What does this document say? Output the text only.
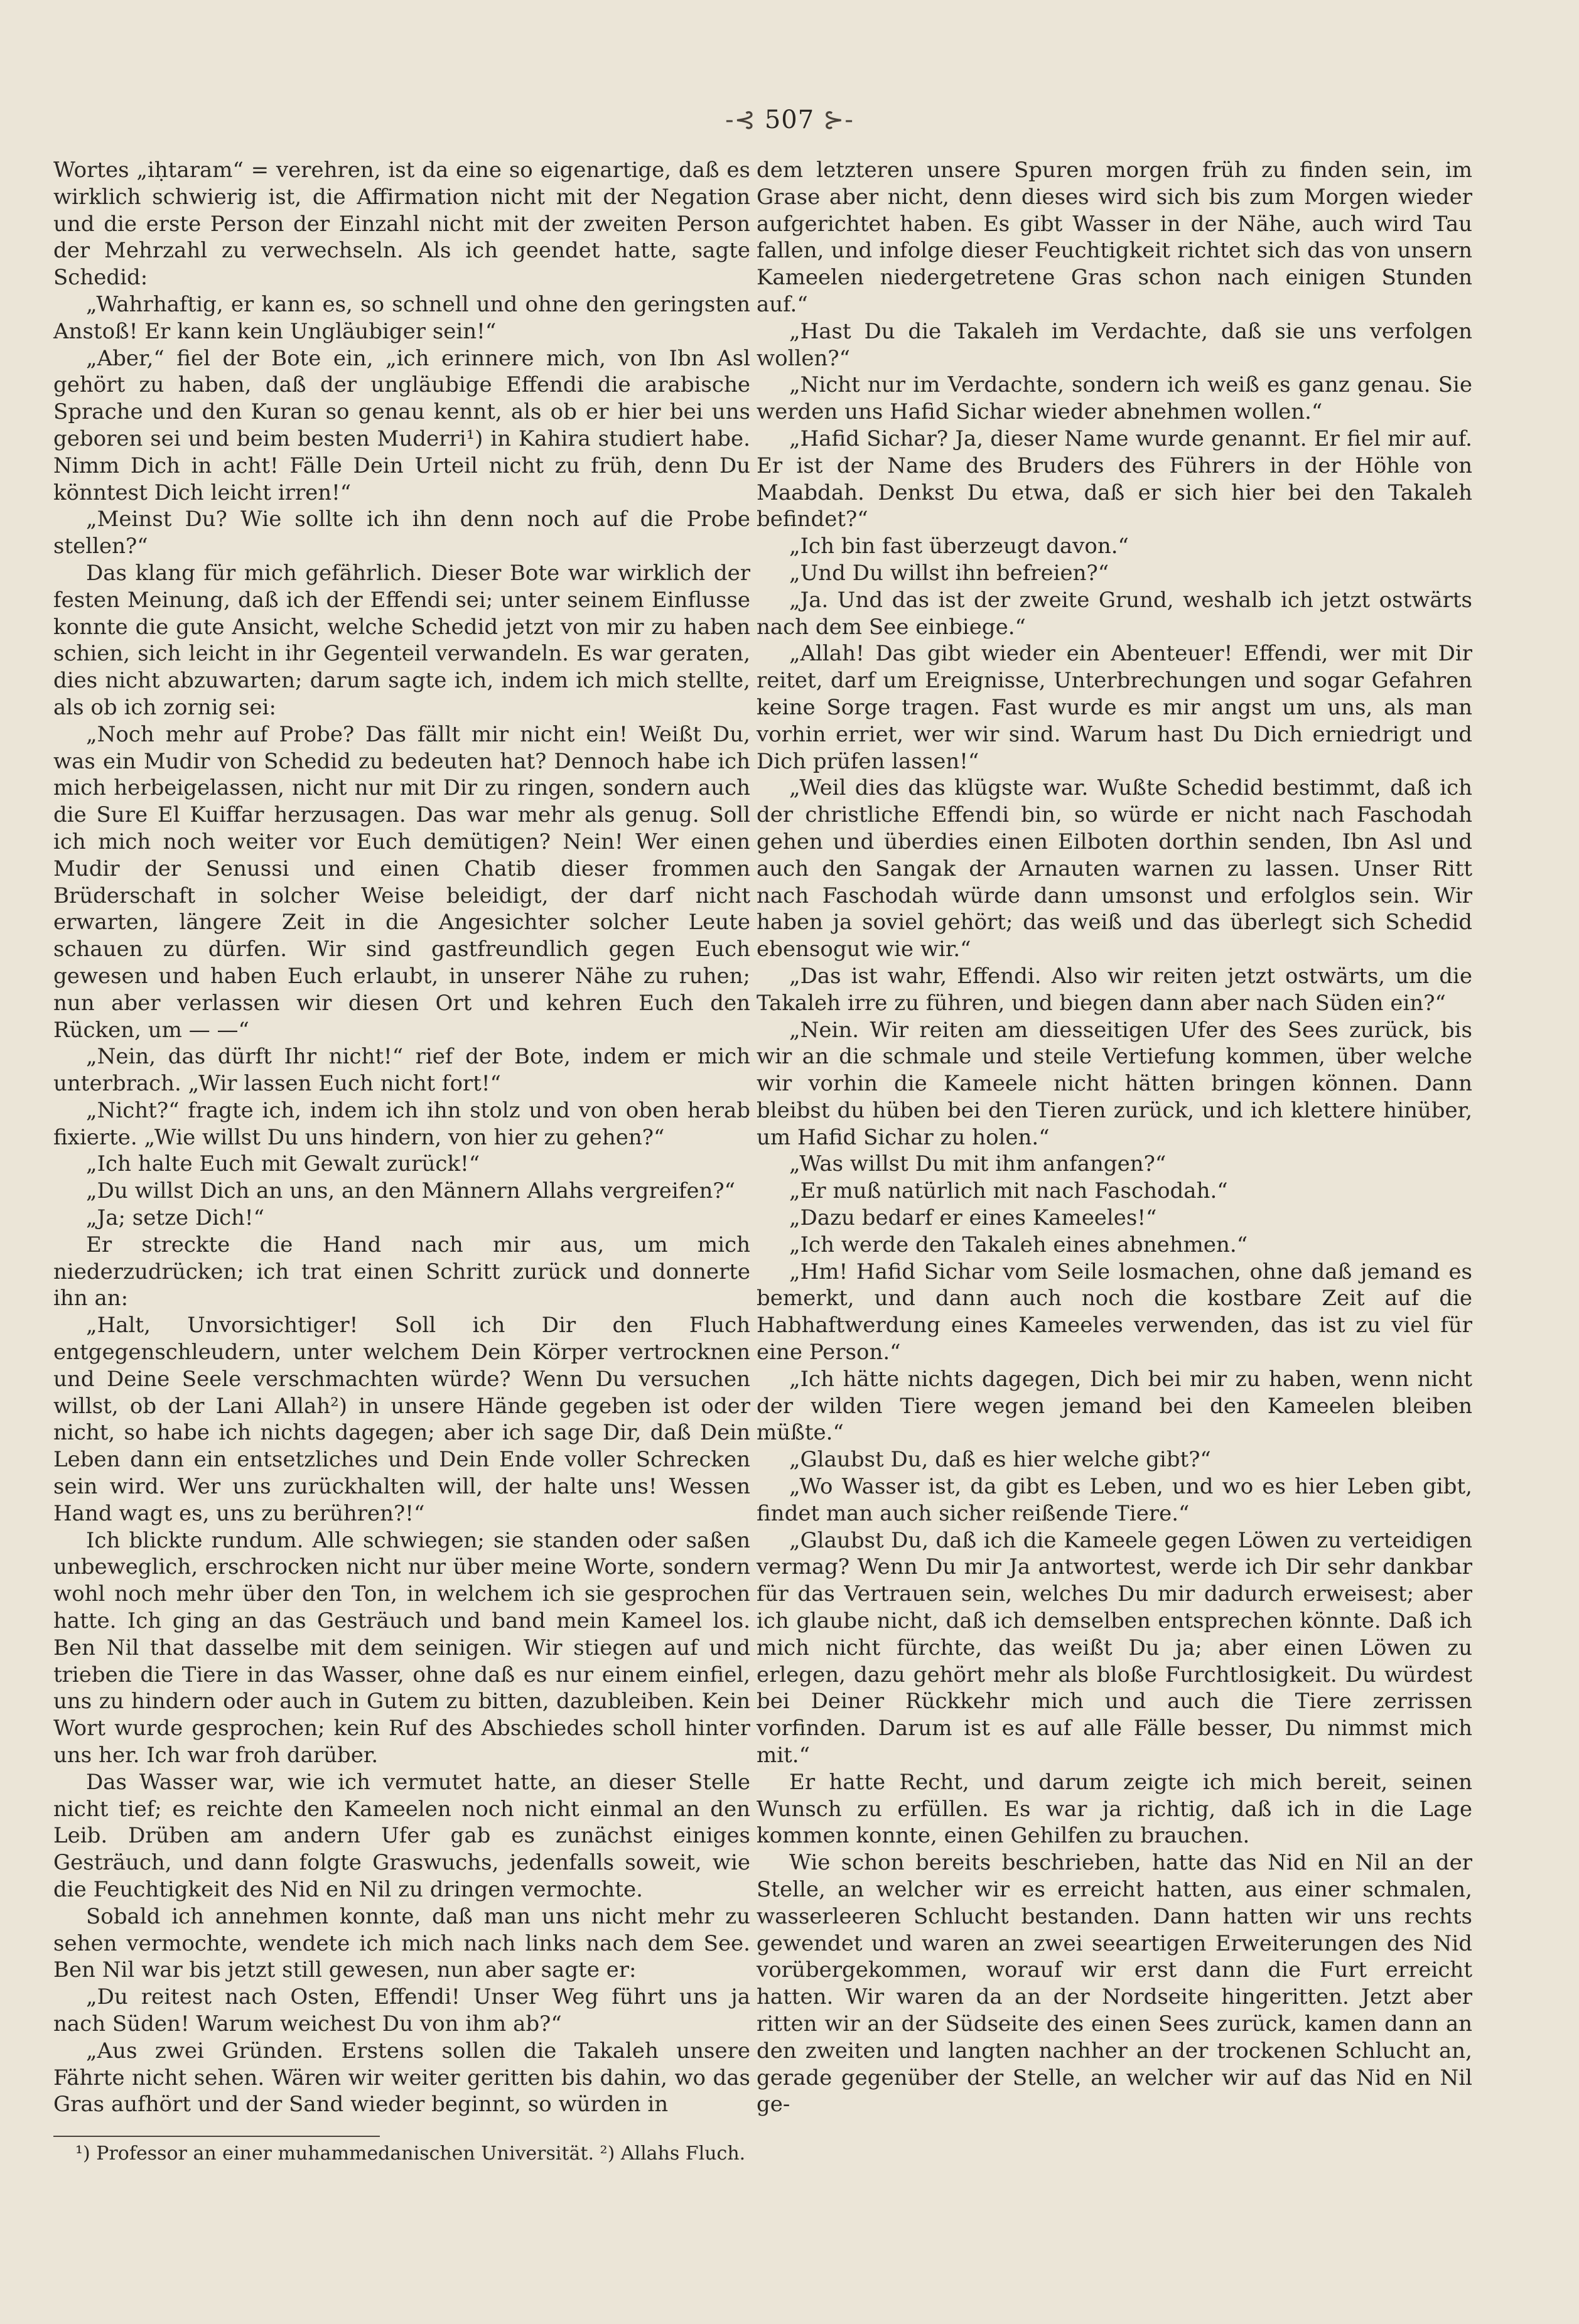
-⊰ 507 ⊱-

Wortes „iḥtaram“ = verehren, ist da eine so eigenartige, daß es wirklich schwierig ist, die Affirmation nicht mit der Negation und die erste Person der Einzahl nicht mit der zweiten Person der Mehrzahl zu verwechseln. Als ich geendet hatte, sagte Schedid:

„Wahrhaftig, er kann es, so schnell und ohne den geringsten Anstoß! Er kann kein Ungläubiger sein!“

„Aber,“ fiel der Bote ein, „ich erinnere mich, von Ibn Asl gehört zu haben, daß der ungläubige Effendi die arabische Sprache und den Kuran so genau kennt, als ob er hier bei uns geboren sei und beim besten Muderri¹) in Kahira studiert habe. Nimm Dich in acht! Fälle Dein Urteil nicht zu früh, denn Du könntest Dich leicht irren!“

„Meinst Du? Wie sollte ich ihn denn noch auf die Probe stellen?“

Das klang für mich gefährlich. Dieser Bote war wirklich der festen Meinung, daß ich der Effendi sei; unter seinem Einflusse konnte die gute Ansicht, welche Schedid jetzt von mir zu haben schien, sich leicht in ihr Gegenteil verwandeln. Es war geraten, dies nicht abzuwarten; darum sagte ich, indem ich mich stellte, als ob ich zornig sei:

„Noch mehr auf Probe? Das fällt mir nicht ein! Weißt Du, was ein Mudir von Schedid zu bedeuten hat? Dennoch habe ich mich herbeigelassen, nicht nur mit Dir zu ringen, sondern auch die Sure El Kuiffar herzusagen. Das war mehr als genug. Soll ich mich noch weiter vor Euch demütigen? Nein! Wer einen Mudir der Senussi und einen Chatib dieser frommen Brüderschaft in solcher Weise beleidigt, der darf nicht erwarten, längere Zeit in die Angesichter solcher Leute schauen zu dürfen. Wir sind gastfreundlich gegen Euch gewesen und haben Euch erlaubt, in unserer Nähe zu ruhen; nun aber verlassen wir diesen Ort und kehren Euch den Rücken, um — —“

„Nein, das dürft Ihr nicht!“ rief der Bote, indem er mich unterbrach. „Wir lassen Euch nicht fort!“

„Nicht?“ fragte ich, indem ich ihn stolz und von oben herab fixierte. „Wie willst Du uns hindern, von hier zu gehen?“

„Ich halte Euch mit Gewalt zurück!“

„Du willst Dich an uns, an den Männern Allahs vergreifen?“

„Ja; setze Dich!“

Er streckte die Hand nach mir aus, um mich niederzudrücken; ich trat einen Schritt zurück und donnerte ihn an:

„Halt, Unvorsichtiger! Soll ich Dir den Fluch entgegenschleudern, unter welchem Dein Körper vertrocknen und Deine Seele verschmachten würde? Wenn Du versuchen willst, ob der Lani Allah²) in unsere Hände gegeben ist oder nicht, so habe ich nichts dagegen; aber ich sage Dir, daß Dein Leben dann ein entsetzliches und Dein Ende voller Schrecken sein wird. Wer uns zurückhalten will, der halte uns! Wessen Hand wagt es, uns zu berühren?!“

Ich blickte rundum. Alle schwiegen; sie standen oder saßen unbeweglich, erschrocken nicht nur über meine Worte, sondern wohl noch mehr über den Ton, in welchem ich sie gesprochen hatte. Ich ging an das Gesträuch und band mein Kameel los. Ben Nil that dasselbe mit dem seinigen. Wir stiegen auf und trieben die Tiere in das Wasser, ohne daß es nur einem einfiel, uns zu hindern oder auch in Gutem zu bitten, dazubleiben. Kein Wort wurde gesprochen; kein Ruf des Abschiedes scholl hinter uns her. Ich war froh darüber.

Das Wasser war, wie ich vermutet hatte, an dieser Stelle nicht tief; es reichte den Kameelen noch nicht einmal an den Leib. Drüben am andern Ufer gab es zunächst einiges Gesträuch, und dann folgte Graswuchs, jedenfalls soweit, wie die Feuchtigkeit des Nid en Nil zu dringen vermochte.

Sobald ich annehmen konnte, daß man uns nicht mehr zu sehen vermochte, wendete ich mich nach links nach dem See. Ben Nil war bis jetzt still gewesen, nun aber sagte er:

„Du reitest nach Osten, Effendi! Unser Weg führt uns ja nach Süden! Warum weichest Du von ihm ab?“

„Aus zwei Gründen. Erstens sollen die Takaleh unsere Fährte nicht sehen. Wären wir weiter geritten bis dahin, wo das Gras aufhört und der Sand wieder beginnt, so würden in

dem letzteren unsere Spuren morgen früh zu finden sein, im Grase aber nicht, denn dieses wird sich bis zum Morgen wieder aufgerichtet haben. Es gibt Wasser in der Nähe, auch wird Tau fallen, und infolge dieser Feuchtigkeit richtet sich das von unsern Kameelen niedergetretene Gras schon nach einigen Stunden auf.“

„Hast Du die Takaleh im Verdachte, daß sie uns verfolgen wollen?“

„Nicht nur im Verdachte, sondern ich weiß es ganz genau. Sie werden uns Hafid Sichar wieder abnehmen wollen.“

„Hafid Sichar? Ja, dieser Name wurde genannt. Er fiel mir auf. Er ist der Name des Bruders des Führers in der Höhle von Maabdah. Denkst Du etwa, daß er sich hier bei den Takaleh befindet?“

„Ich bin fast überzeugt davon.“

„Und Du willst ihn befreien?“

„Ja. Und das ist der zweite Grund, weshalb ich jetzt ostwärts nach dem See einbiege.“

„Allah! Das gibt wieder ein Abenteuer! Effendi, wer mit Dir reitet, darf um Ereignisse, Unterbrechungen und sogar Gefahren keine Sorge tragen. Fast wurde es mir angst um uns, als man vorhin erriet, wer wir sind. Warum hast Du Dich erniedrigt und Dich prüfen lassen!“

„Weil dies das klügste war. Wußte Schedid bestimmt, daß ich der christliche Effendi bin, so würde er nicht nach Faschodah gehen und überdies einen Eilboten dorthin senden, Ibn Asl und auch den Sangak der Arnauten warnen zu lassen. Unser Ritt nach Faschodah würde dann umsonst und erfolglos sein. Wir haben ja soviel gehört; das weiß und das überlegt sich Schedid ebensogut wie wir.“

„Das ist wahr, Effendi. Also wir reiten jetzt ostwärts, um die Takaleh irre zu führen, und biegen dann aber nach Süden ein?“

„Nein. Wir reiten am diesseitigen Ufer des Sees zurück, bis wir an die schmale und steile Vertiefung kommen, über welche wir vorhin die Kameele nicht hätten bringen können. Dann bleibst du hüben bei den Tieren zurück, und ich klettere hinüber, um Hafid Sichar zu holen.“

„Was willst Du mit ihm anfangen?“

„Er muß natürlich mit nach Faschodah.“

„Dazu bedarf er eines Kameeles!“

„Ich werde den Takaleh eines abnehmen.“

„Hm! Hafid Sichar vom Seile losmachen, ohne daß jemand es bemerkt, und dann auch noch die kostbare Zeit auf die Habhaftwerdung eines Kameeles verwenden, das ist zu viel für eine Person.“

„Ich hätte nichts dagegen, Dich bei mir zu haben, wenn nicht der wilden Tiere wegen jemand bei den Kameelen bleiben müßte.“

„Glaubst Du, daß es hier welche gibt?“

„Wo Wasser ist, da gibt es Leben, und wo es hier Leben gibt, findet man auch sicher reißende Tiere.“

„Glaubst Du, daß ich die Kameele gegen Löwen zu verteidigen vermag? Wenn Du mir Ja antwortest, werde ich Dir sehr dankbar für das Vertrauen sein, welches Du mir dadurch erweisest; aber ich glaube nicht, daß ich demselben entsprechen könnte. Daß ich mich nicht fürchte, das weißt Du ja; aber einen Löwen zu erlegen, dazu gehört mehr als bloße Furchtlosigkeit. Du würdest bei Deiner Rückkehr mich und auch die Tiere zerrissen vorfinden. Darum ist es auf alle Fälle besser, Du nimmst mich mit.“

Er hatte Recht, und darum zeigte ich mich bereit, seinen Wunsch zu erfüllen. Es war ja richtig, daß ich in die Lage kommen konnte, einen Gehilfen zu brauchen.

Wie schon bereits beschrieben, hatte das Nid en Nil an der Stelle, an welcher wir es erreicht hatten, aus einer schmalen, wasserleeren Schlucht bestanden. Dann hatten wir uns rechts gewendet und waren an zwei seeartigen Erweiterungen des Nid vorübergekommen, worauf wir erst dann die Furt erreicht hatten. Wir waren da an der Nordseite hingeritten. Jetzt aber ritten wir an der Südseite des einen Sees zurück, kamen dann an den zweiten und langten nachher an der trockenen Schlucht an, gerade gegenüber der Stelle, an welcher wir auf das Nid en Nil ge-

¹) Professor an einer muhammedanischen Universität. ²) Allahs Fluch.
